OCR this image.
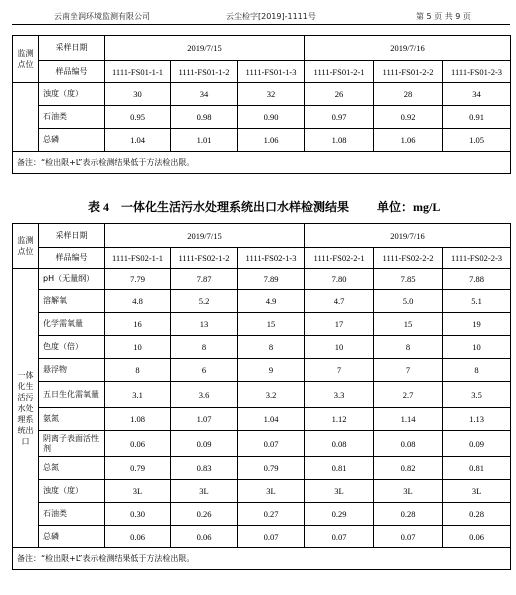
云南坐润环境监测有限公司	云尘检字[2019]-1111号	第 5 页 共 9 页
监测点位	采样日期	2019/7/15			2019/7/16		
	样品编号	1111-FS01-1-1	1111-FS01-1-2	1111-FS01-1-3	1111-FS01-2-1	1111-FS01-2-2	1111-FS01-2-3
	浊度（度）	30	34	32	26	28	34
	石油类	0.95	0.98	0.90	0.97	0.92	0.91
	总磷	1.04	1.01	1.06	1.08	1.06	1.05
备注：“检出限+L”表示检测结果低于方法检出限。							
表 4　一体化生活污水处理系统出口水样检测结果 单位：mg/L
监测点位	采样日期	2019/7/15			2019/7/16		
	样品编号	1111-FS02-1-1	1111-FS02-1-2	1111-FS02-1-3	1111-FS02-2-1	1111-FS02-2-2	1111-FS02-2-3
一体化生活污水处理系统出口	pH（无量纲）	7.79	7.87	7.89	7.80	7.85	7.88
	溶解氧	4.8	5.2	4.9	4.7	5.0	5.1
	化学需氧量	16	13	15	17	15	19
	色度（倍）	10	8	8	10	8	10
	悬浮物	8	6	9	7	7	8
	五日生化需氧量	3.1	3.6	3.2	3.3	2.7	3.5
	氨氮	1.08	1.07	1.04	1.12	1.14	1.13
	阴离子表面活性剂	0.06	0.09	0.07	0.08	0.08	0.09
	总氮	0.79	0.83	0.79	0.81	0.82	0.81
	浊度（度）	3L	3L	3L	3L	3L	3L
	石油类	0.30	0.26	0.27	0.29	0.28	0.28
	总磷	0.06	0.06	0.07	0.07	0.07	0.06
备注：“检出限+L”表示检测结果低于方法检出限。							
